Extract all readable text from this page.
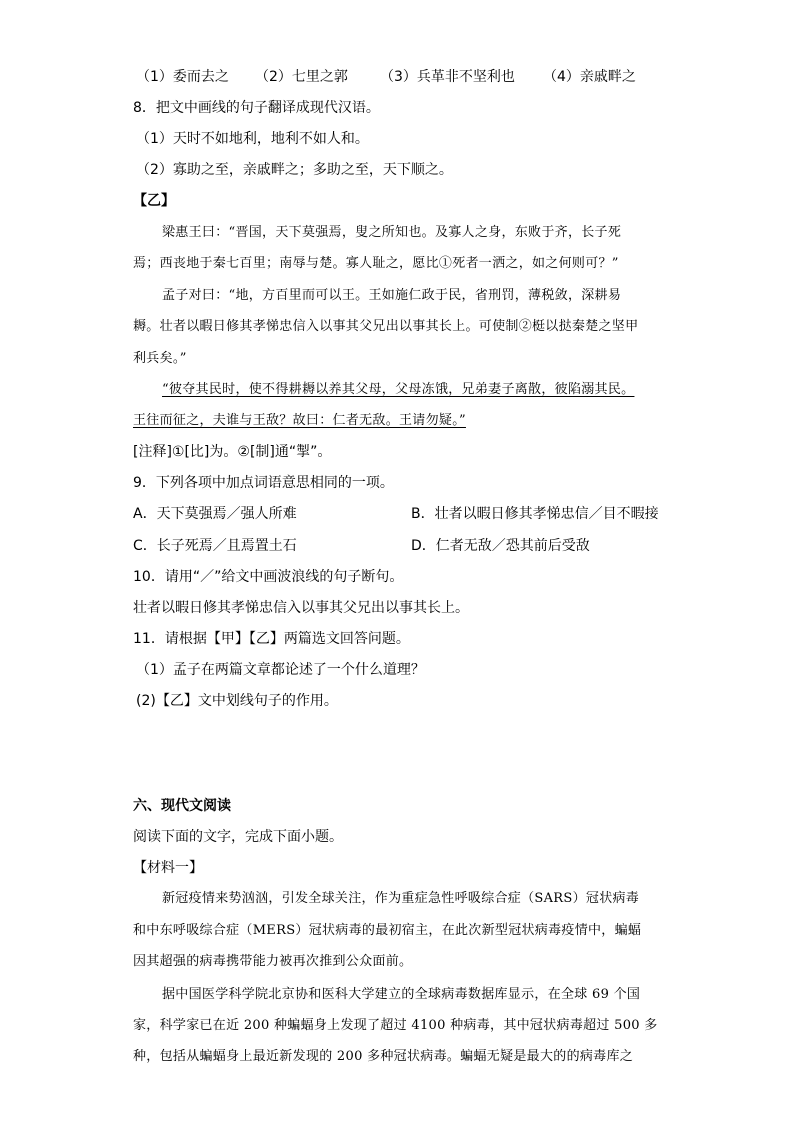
（1）委而去之 （2）七里之郭 （3）兵革非不坚利也 （4）亲戚畔之
8．把文中画线的句子翻译成现代汉语。
（1）天时不如地利，地利不如人和。
（2）寡助之至，亲戚畔之；多助之至，天下顺之。
【乙】
梁惠王曰：“晋国，天下莫强焉，叟之所知也。及寡人之身，东败于齐，长子死
焉；西丧地于秦七百里；南辱与楚。寡人耻之，愿比①死者一洒之，如之何则可？”
孟子对曰：“地，方百里而可以王。王如施仁政于民，省刑罚，薄税敛，深耕易
耨。壮者以暇日修其孝悌忠信入以事其父兄出以事其长上。可使制②梃以挞秦楚之坚甲
利兵矣。”
“彼夺其民时，使不得耕耨以养其父母，父母冻饿，兄弟妻子离散，彼陷溺其民。
王往而征之，夫谁与王敌？故曰：仁者无敌。王请勿疑。”
[注释]①[比]为。②[制]通“掣”。
9．下列各项中加点词语意思相同的一项。
A．天下莫强焉／强人所难	B．壮者以暇日修其孝悌忠信／目不暇接
C．长子死焉／且焉置土石	D．仁者无敌／恐其前后受敌
10．请用“／”给文中画波浪线的句子断句。
壮者以暇日修其孝悌忠信入以事其父兄出以事其长上。
11．请根据【甲】【乙】两篇选文回答问题。
（1）孟子在两篇文章都论述了一个什么道理？
(2)【乙】文中划线句子的作用。
六、现代文阅读
阅读下面的文字，完成下面小题。
【材料一】
新冠疫情来势汹汹，引发全球关注，作为重症急性呼吸综合症（SARS）冠状病毒
和中东呼吸综合症（MERS）冠状病毒的最初宿主，在此次新型冠状病毒疫情中，蝙蝠
因其超强的病毒携带能力被再次推到公众面前。
据中国医学科学院北京协和医科大学建立的全球病毒数据库显示，在全球 69 个国
家，科学家已在近 200 种蝙蝠身上发现了超过 4100 种病毒，其中冠状病毒超过 500 多
种，包括从蝙蝠身上最近新发现的 200 多种冠状病毒。蝙蝠无疑是最大的的病毒库之
